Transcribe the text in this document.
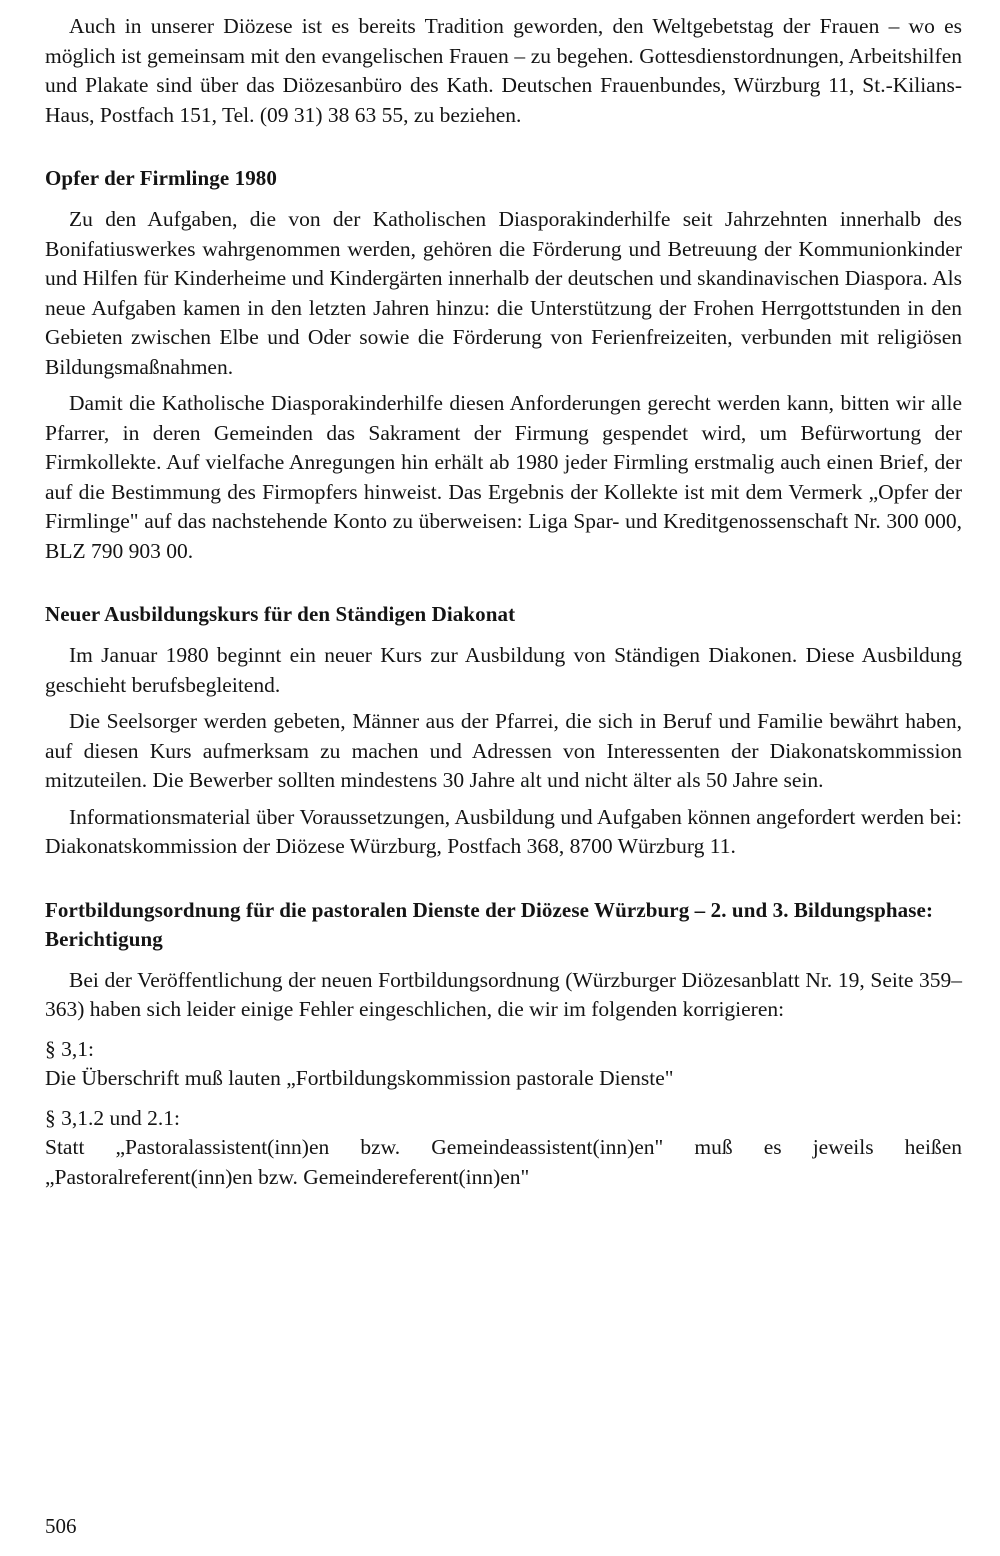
Auch in unserer Diözese ist es bereits Tradition geworden, den Weltgebetstag der Frauen – wo es möglich ist gemeinsam mit den evangelischen Frauen – zu begehen. Gottesdienstordnungen, Arbeitshilfen und Plakate sind über das Diözesanbüro des Kath. Deutschen Frauenbundes, Würzburg 11, St.-Kilians-Haus, Postfach 151, Tel. (09 31) 38 63 55, zu beziehen.

Opfer der Firmlinge 1980

Zu den Aufgaben, die von der Katholischen Diasporakinderhilfe seit Jahrzehnten innerhalb des Bonifatiuswerkes wahrgenommen werden, gehören die Förderung und Betreuung der Kommunionkinder und Hilfen für Kinderheime und Kindergärten innerhalb der deutschen und skandinavischen Diaspora. Als neue Aufgaben kamen in den letzten Jahren hinzu: die Unterstützung der Frohen Herrgottstunden in den Gebieten zwischen Elbe und Oder sowie die Förderung von Ferienfreizeiten, verbunden mit religiösen Bildungsmaßnahmen.

Damit die Katholische Diasporakinderhilfe diesen Anforderungen gerecht werden kann, bitten wir alle Pfarrer, in deren Gemeinden das Sakrament der Firmung gespendet wird, um Befürwortung der Firmkollekte. Auf vielfache Anregungen hin erhält ab 1980 jeder Firmling erstmalig auch einen Brief, der auf die Bestimmung des Firmopfers hinweist. Das Ergebnis der Kollekte ist mit dem Vermerk „Opfer der Firmlinge" auf das nachstehende Konto zu überweisen: Liga Spar- und Kreditgenossenschaft Nr. 300 000, BLZ 790 903 00.

Neuer Ausbildungskurs für den Ständigen Diakonat

Im Januar 1980 beginnt ein neuer Kurs zur Ausbildung von Ständigen Diakonen. Diese Ausbildung geschieht berufsbegleitend.

Die Seelsorger werden gebeten, Männer aus der Pfarrei, die sich in Beruf und Familie bewährt haben, auf diesen Kurs aufmerksam zu machen und Adressen von Interessenten der Diakonatskommission mitzuteilen. Die Bewerber sollten mindestens 30 Jahre alt und nicht älter als 50 Jahre sein.

Informationsmaterial über Voraussetzungen, Ausbildung und Aufgaben können angefordert werden bei: Diakonatskommission der Diözese Würzburg, Postfach 368, 8700 Würzburg 11.

Fortbildungsordnung für die pastoralen Dienste der Diözese Würzburg – 2. und 3. Bildungsphase: Berichtigung

Bei der Veröffentlichung der neuen Fortbildungsordnung (Würzburger Diözesanblatt Nr. 19, Seite 359–363) haben sich leider einige Fehler eingeschlichen, die wir im folgenden korrigieren:

§ 3,1:

Die Überschrift muß lauten „Fortbildungskommission pastorale Dienste"

§ 3,1.2 und 2.1:

Statt „Pastoralassistent(inn)en bzw. Gemeindeassistent(inn)en" muß es jeweils heißen „Pastoralreferent(inn)en bzw. Gemeindereferent(inn)en"

506
